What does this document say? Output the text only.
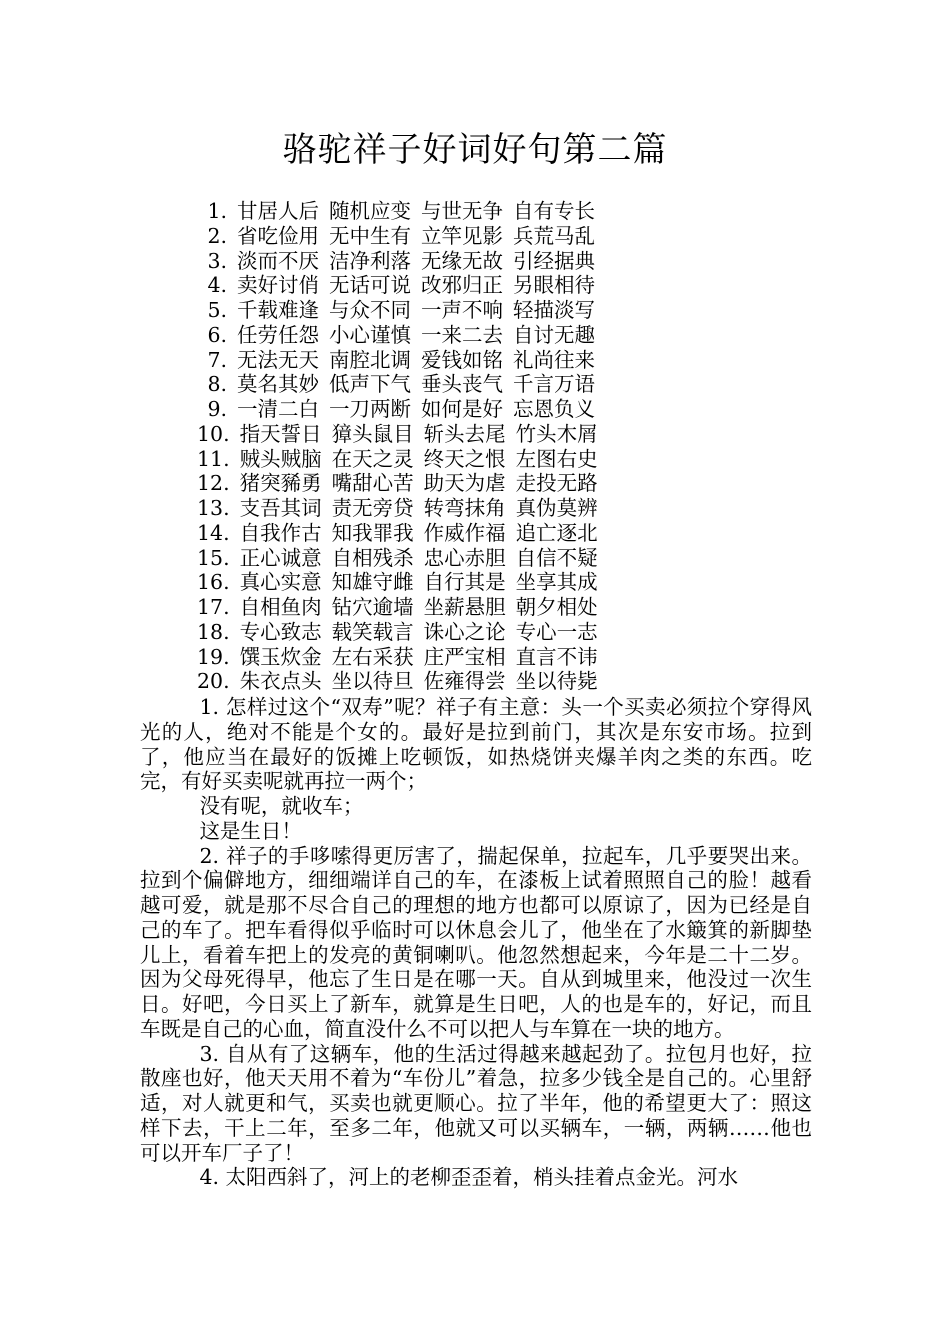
骆驼祥子好词好句第二篇
1. 甘居人后 随机应变 与世无争 自有专长
2. 省吃俭用 无中生有 立竿见影 兵荒马乱
3. 淡而不厌 洁净利落 无缘无故 引经据典
4. 卖好讨俏 无话可说 改邪归正 另眼相待
5. 千载难逢 与众不同 一声不响 轻描淡写
6. 任劳任怨 小心谨慎 一来二去 自讨无趣
7. 无法无天 南腔北调 爱钱如铭 礼尚往来
8. 莫名其妙 低声下气 垂头丧气 千言万语
9. 一清二白 一刀两断 如何是好 忘恩负义
10. 指天誓日 獐头鼠目 斩头去尾 竹头木屑
11. 贼头贼脑 在天之灵 终天之恨 左图右史
12. 猪突豨勇 嘴甜心苦 助天为虐 走投无路
13. 支吾其词 责无旁贷 转弯抹角 真伪莫辨
14. 自我作古 知我罪我 作威作福 追亡逐北
15. 正心诚意 自相残杀 忠心赤胆 自信不疑
16. 真心实意 知雄守雌 自行其是 坐享其成
17. 自相鱼肉 钻穴逾墙 坐薪悬胆 朝夕相处
18. 专心致志 载笑载言 诛心之论 专心一志
19. 馔玉炊金 左右采获 庄严宝相 直言不讳
20. 朱衣点头 坐以待旦 佐雍得尝 坐以待毙

1. 怎样过这个“双寿”呢？祥子有主意：头一个买卖必须拉个穿得风光的人，绝对不能是个女的。最好是拉到前门，其次是东安市场。拉到了，他应当在最好的饭摊上吃顿饭，如热烧饼夹爆羊肉之类的东西。吃完，有好买卖呢就再拉一两个；

没有呢，就收车；

这是生日！

2. 祥子的手哆嗦得更厉害了，揣起保单，拉起车，几乎要哭出来。拉到个偏僻地方，细细端详自己的车，在漆板上试着照照自己的脸！越看越可爱，就是那不尽合自己的理想的地方也都可以原谅了，因为已经是自己的车了。把车看得似乎临时可以休息会儿了，他坐在了水簸箕的新脚垫儿上，看着车把上的发亮的黄铜喇叭。他忽然想起来，今年是二十二岁。因为父母死得早，他忘了生日是在哪一天。自从到城里来，他没过一次生日。好吧，今日买上了新车，就算是生日吧，人的也是车的，好记，而且车既是自己的心血，简直没什么不可以把人与车算在一块的地方。

3. 自从有了这辆车，他的生活过得越来越起劲了。拉包月也好，拉散座也好，他天天用不着为“车份儿”着急，拉多少钱全是自己的。心里舒适，对人就更和气，买卖也就更顺心。拉了半年，他的希望更大了：照这样下去，干上二年，至多二年，他就又可以买辆车，一辆，两辆……他也可以开车厂子了！

4. 太阳西斜了，河上的老柳歪歪着，梢头挂着点金光。河水
